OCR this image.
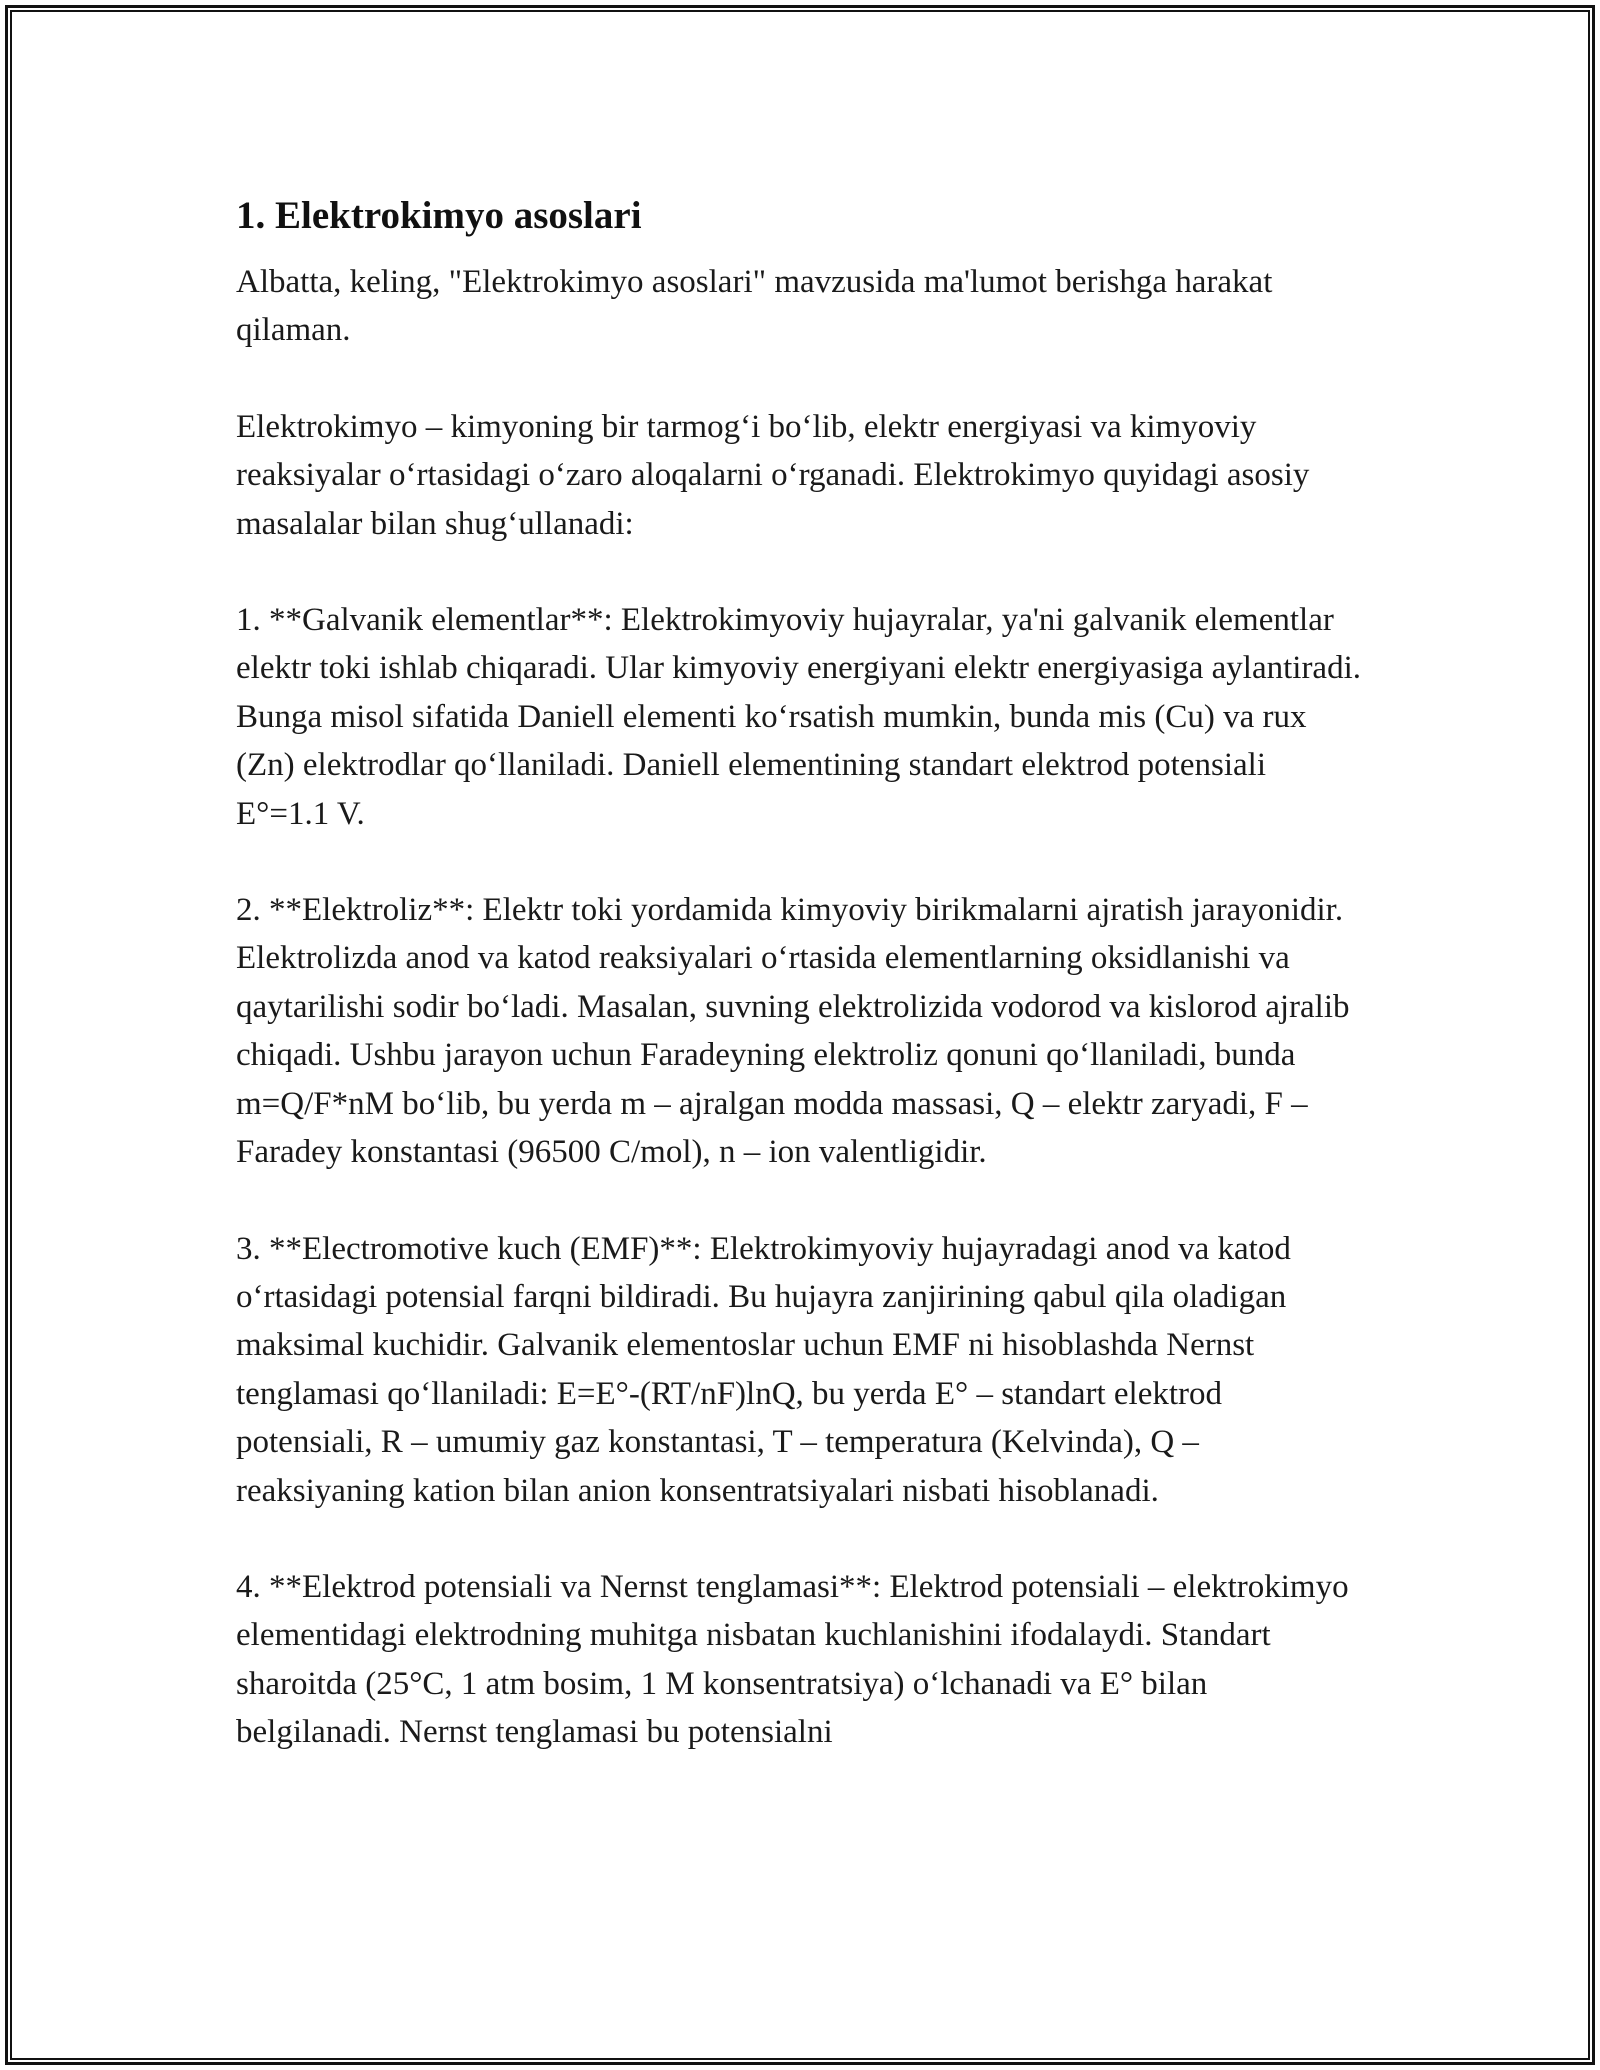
1. Elektrokimyo asoslari

Albatta, keling, "Elektrokimyo asoslari" mavzusida ma'lumot berishga harakat qilaman.

Elektrokimyo – kimyoning bir tarmog‘i bo‘lib, elektr energiyasi va kimyoviy reaksiyalar o‘rtasidagi o‘zaro aloqalarni o‘rganadi. Elektrokimyo quyidagi asosiy masalalar bilan shug‘ullanadi:

1. **Galvanik elementlar**: Elektrokimyoviy hujayralar, ya'ni galvanik elementlar elektr toki ishlab chiqaradi. Ular kimyoviy energiyani elektr energiyasiga aylantiradi. Bunga misol sifatida Daniell elementi ko‘rsatish mumkin, bunda mis (Cu) va rux (Zn) elektrodlar qo‘llaniladi. Daniell elementining standart elektrod potensiali E°=1.1 V.

2. **Elektroliz**: Elektr toki yordamida kimyoviy birikmalarni ajratish jarayonidir. Elektrolizda anod va katod reaksiyalari o‘rtasida elementlarning oksidlanishi va qaytarilishi sodir bo‘ladi. Masalan, suvning elektrolizida vodorod va kislorod ajralib chiqadi. Ushbu jarayon uchun Faradeyning elektroliz qonuni qo‘llaniladi, bunda m=Q/F*nM bo‘lib, bu yerda m – ajralgan modda massasi, Q – elektr zaryadi, F – Faradey konstantasi (96500 C/mol), n – ion valentligidir.

3. **Electromotive kuch (EMF)**: Elektrokimyoviy hujayradagi anod va katod o‘rtasidagi potensial farqni bildiradi. Bu hujayra zanjirining qabul qila oladigan maksimal kuchidir. Galvanik elementoslar uchun EMF ni hisoblashda Nernst tenglamasi qo‘llaniladi: E=E°-(RT/nF)lnQ, bu yerda E° – standart elektrod potensiali, R – umumiy gaz konstantasi, T – temperatura (Kelvinda), Q – reaksiyaning kation bilan anion konsentratsiyalari nisbati hisoblanadi.

4. **Elektrod potensiali va Nernst tenglamasi**: Elektrod potensiali – elektrokimyo elementidagi elektrodning muhitga nisbatan kuchlanishini ifodalaydi. Standart sharoitda (25°C, 1 atm bosim, 1 M konsentratsiya) o‘lchanadi va E° bilan belgilanadi. Nernst tenglamasi bu potensialni
